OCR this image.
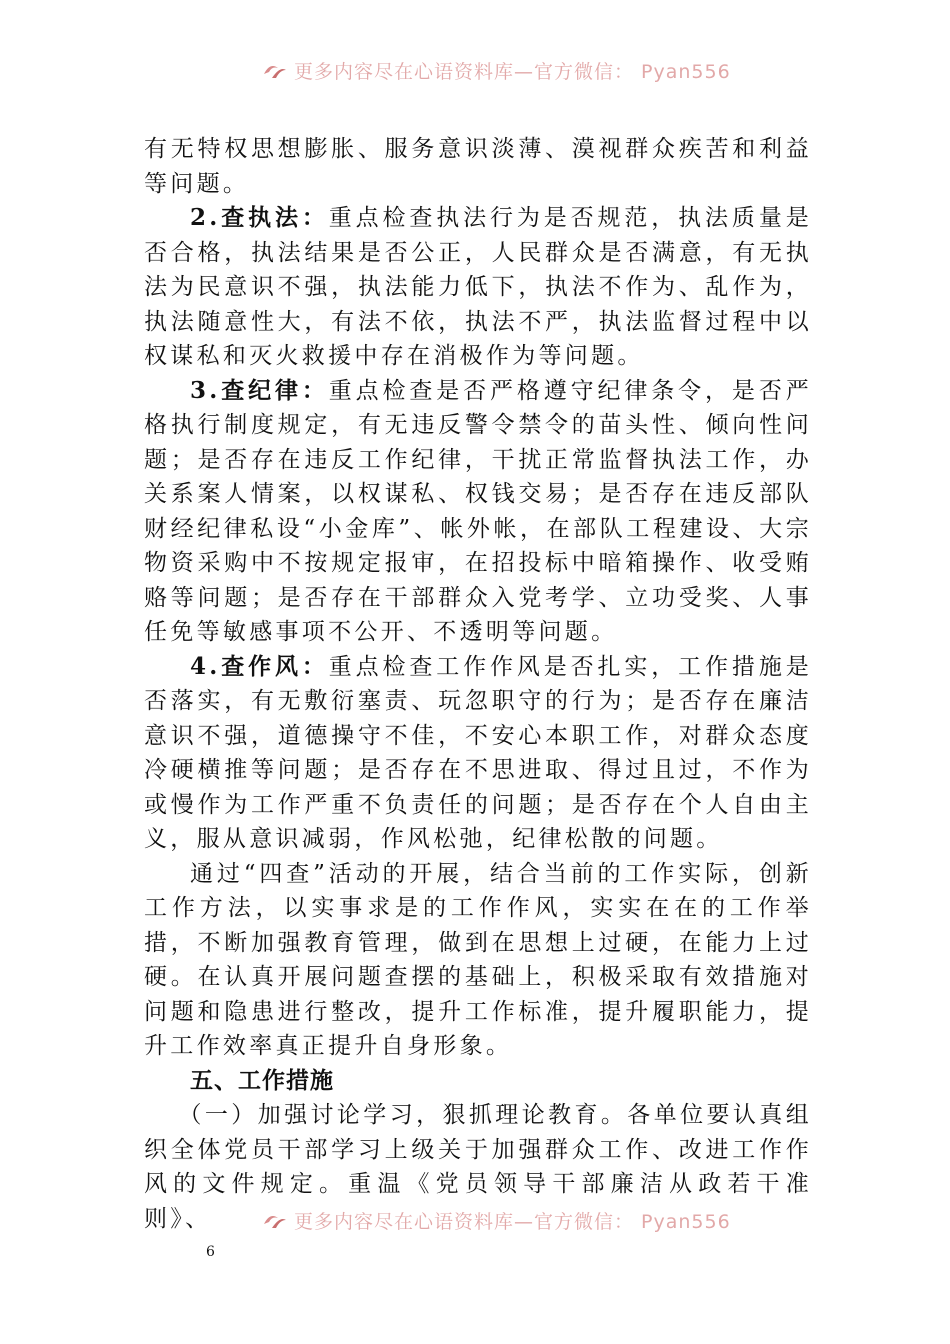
更多内容尽在心语资料库—官方微信： Pyan556

有无特权思想膨胀、服务意识淡薄、漠视群众疾苦和利益等问题。

2.查执法：重点检查执法行为是否规范，执法质量是否合格，执法结果是否公正，人民群众是否满意，有无执法为民意识不强，执法能力低下，执法不作为、乱作为，执法随意性大，有法不依，执法不严，执法监督过程中以权谋私和灭火救援中存在消极作为等问题。

3.查纪律：重点检查是否严格遵守纪律条令，是否严格执行制度规定，有无违反警令禁令的苗头性、倾向性问题；是否存在违反工作纪律，干扰正常监督执法工作，办关系案人情案，以权谋私、权钱交易；是否存在违反部队财经纪律私设“小金库”、帐外帐，在部队工程建设、大宗物资采购中不按规定报审，在招投标中暗箱操作、收受贿赂等问题；是否存在干部群众入党考学、立功受奖、人事任免等敏感事项不公开、不透明等问题。

4.查作风：重点检查工作作风是否扎实，工作措施是否落实，有无敷衍塞责、玩忽职守的行为；是否存在廉洁意识不强，道德操守不佳，不安心本职工作，对群众态度冷硬横推等问题；是否存在不思进取、得过且过，不作为或慢作为工作严重不负责任的问题；是否存在个人自由主义，服从意识减弱，作风松弛，纪律松散的问题。

通过“四查”活动的开展，结合当前的工作实际，创新工作方法，以实事求是的工作作风，实实在在的工作举措，不断加强教育管理，做到在思想上过硬，在能力上过硬。在认真开展问题查摆的基础上，积极采取有效措施对问题和隐患进行整改，提升工作标准，提升履职能力，提升工作效率真正提升自身形象。

五、工作措施

（一）加强讨论学习，狠抓理论教育。各单位要认真组织全体党员干部学习上级关于加强群众工作、改进工作作风的文件规定。重温《党员领导干部廉洁从政若干准则》、	更多内容尽在心语资料库—官方微信： Pyan556
6
